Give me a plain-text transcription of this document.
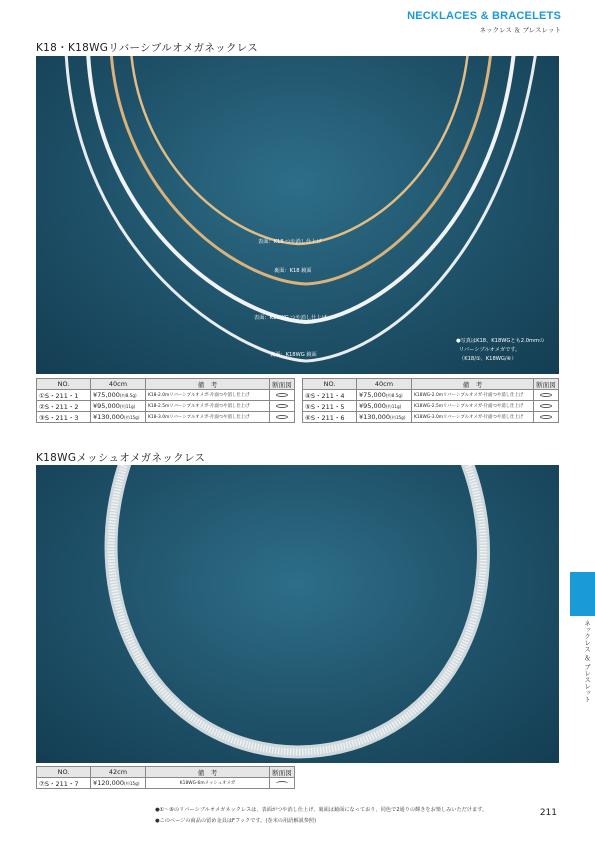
NECKLACES & BRACELETS
ネックレス ＆ ブレスレット
K18・K18WGリバーシブルオメガネックレス
表面：K18 つや消し仕上げ
裏面：K18 鏡面
表面：K18WG つや消し仕上げ
裏面：K18WG 鏡面
●写真はK18、K18WGとも2.0mmの
リバーシブルオメガです。
（K18/①、K18WG/④）
NO.	40cm	備　考	断面図
①S・211・1	¥75,000(約8.5g)	K18-2.0mリバーシブルオメガ-片面つや消し仕上げ	
②S・211・2	¥95,000(約11g)	K18-2.5mリバーシブルオメガ-片面つや消し仕上げ	
③S・211・3	¥130,000(約15g)	K18-3.0mリバーシブルオメガ-片面つや消し仕上げ	
NO.	40cm	備　考	断面図
④S・211・4	¥75,000(約8.5g)	K18WG-2.0mリバーシブルオメガ-片面つや消し仕上げ	
⑤S・211・5	¥95,000(約11g)	K18WG-2.5mリバーシブルオメガ-片面つや消し仕上げ	
⑥S・211・6	¥130,000(約15g)	K18WG-3.0mリバーシブルオメガ-片面つや消し仕上げ	
K18WGメッシュオメガネックレス
NO.	42cm	備　考	断面図
⑦S・211・7	¥120,000(約15g)	K18WG-6mメッシュオメガ	
ネックレス ＆ ブレスレット
●①〜⑥のリバーシブルオメガネックレスは、表面がつや消し仕上げ、裏面は鏡面になっており、同色で2通りの輝きをお楽しみいただけます。
●このページの商品の留め金具はFフックです。(巻末の用語解説参照)
211
